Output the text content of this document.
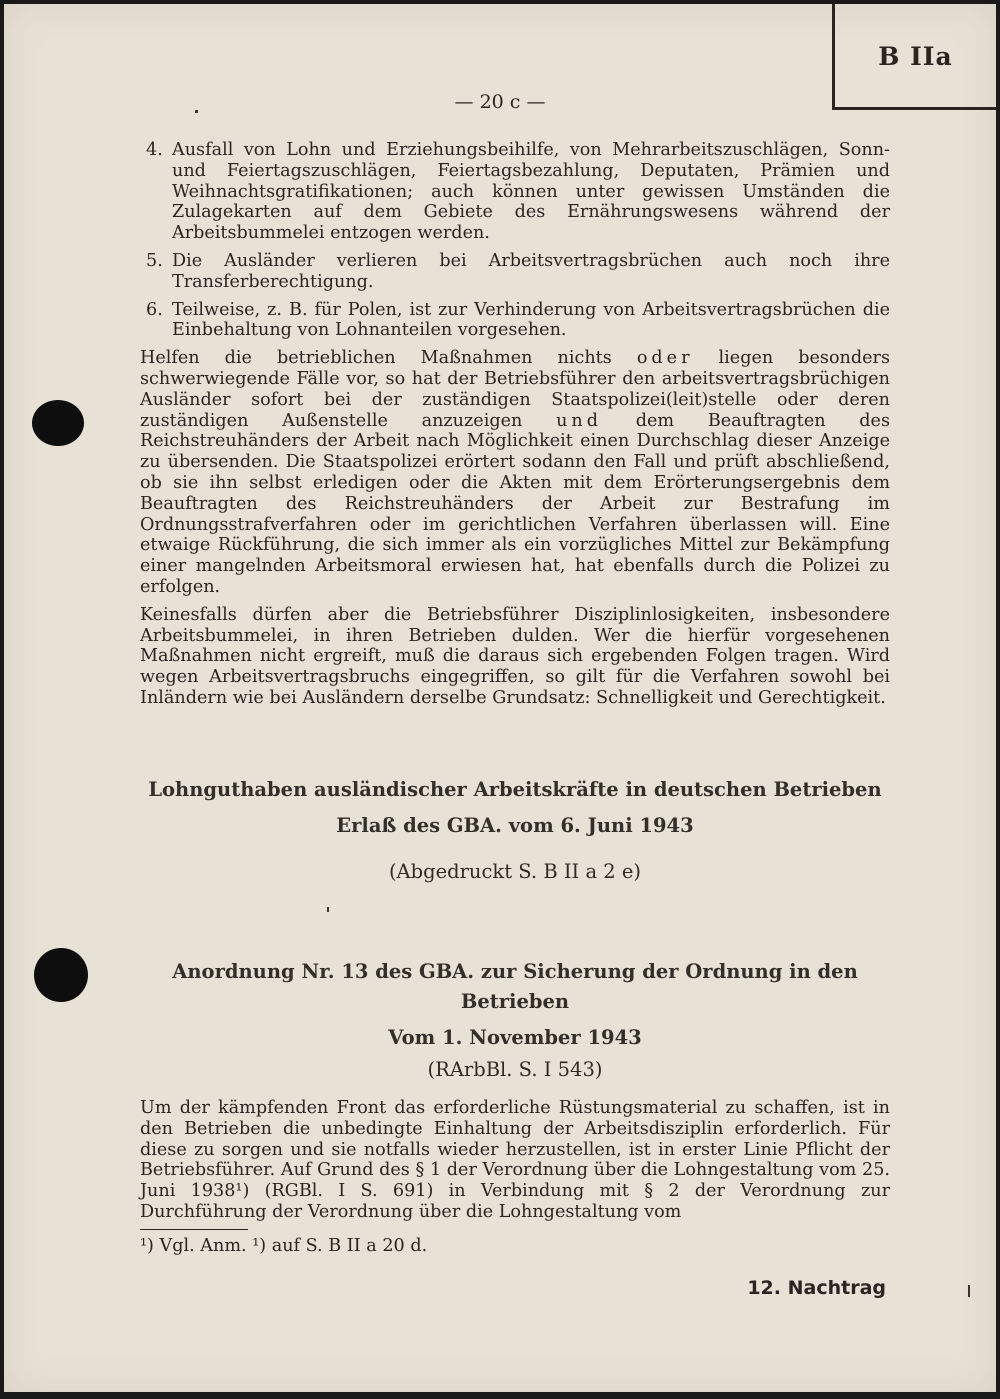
B IIa
— 20 c —
4. Ausfall von Lohn und Erziehungsbeihilfe, von Mehrarbeitszuschlägen, Sonn- und Feiertagszuschlägen, Feiertagsbezahlung, Deputaten, Prämien und Weihnachtsgratifikationen; auch können unter gewissen Umständen die Zulagekarten auf dem Gebiete des Ernährungswesens während der Arbeitsbummelei entzogen werden.
5. Die Ausländer verlieren bei Arbeitsvertragsbrüchen auch noch ihre Transferberechtigung.
6. Teilweise, z. B. für Polen, ist zur Verhinderung von Arbeitsvertragsbrüchen die Einbehaltung von Lohnanteilen vorgesehen.

Helfen die betrieblichen Maßnahmen nichts oder liegen besonders schwerwiegende Fälle vor, so hat der Betriebsführer den arbeitsvertragsbrüchigen Ausländer sofort bei der zuständigen Staatspolizei(leit)stelle oder deren zuständigen Außenstelle anzuzeigen und dem Beauftragten des Reichstreuhänders der Arbeit nach Möglichkeit einen Durchschlag dieser Anzeige zu übersenden. Die Staatspolizei erörtert sodann den Fall und prüft abschließend, ob sie ihn selbst erledigen oder die Akten mit dem Erörterungsergebnis dem Beauftragten des Reichstreuhänders der Arbeit zur Bestrafung im Ordnungsstrafverfahren oder im gerichtlichen Verfahren überlassen will. Eine etwaige Rückführung, die sich immer als ein vorzügliches Mittel zur Bekämpfung einer mangelnden Arbeitsmoral erwiesen hat, hat ebenfalls durch die Polizei zu erfolgen.

Keinesfalls dürfen aber die Betriebsführer Disziplinlosigkeiten, insbesondere Arbeitsbummelei, in ihren Betrieben dulden. Wer die hierfür vorgesehenen Maßnahmen nicht ergreift, muß die daraus sich ergebenden Folgen tragen. Wird wegen Arbeitsvertragsbruchs eingegriffen, so gilt für die Verfahren sowohl bei Inländern wie bei Ausländern derselbe Grundsatz: Schnelligkeit und Gerechtigkeit.

Lohnguthaben ausländischer Arbeitskräfte in deutschen Betrieben
Erlaß des GBA. vom 6. Juni 1943
(Abgedruckt S. B II a 2 e)
Anordnung Nr. 13 des GBA. zur Sicherung der Ordnung in den
Betrieben
Vom 1. November 1943
(RArbBl. S. I 543)

Um der kämpfenden Front das erforderliche Rüstungsmaterial zu schaffen, ist in den Betrieben die unbedingte Einhaltung der Arbeitsdisziplin erforderlich. Für diese zu sorgen und sie notfalls wieder herzustellen, ist in erster Linie Pflicht der Betriebsführer. Auf Grund des § 1 der Verordnung über die Lohngestaltung vom 25. Juni 1938¹) (RGBl. I S. 691) in Verbindung mit § 2 der Verordnung zur Durchführung der Verordnung über die Lohngestaltung vom

¹) Vgl. Anm. ¹) auf S. B II a 20 d.
12. Nachtrag
